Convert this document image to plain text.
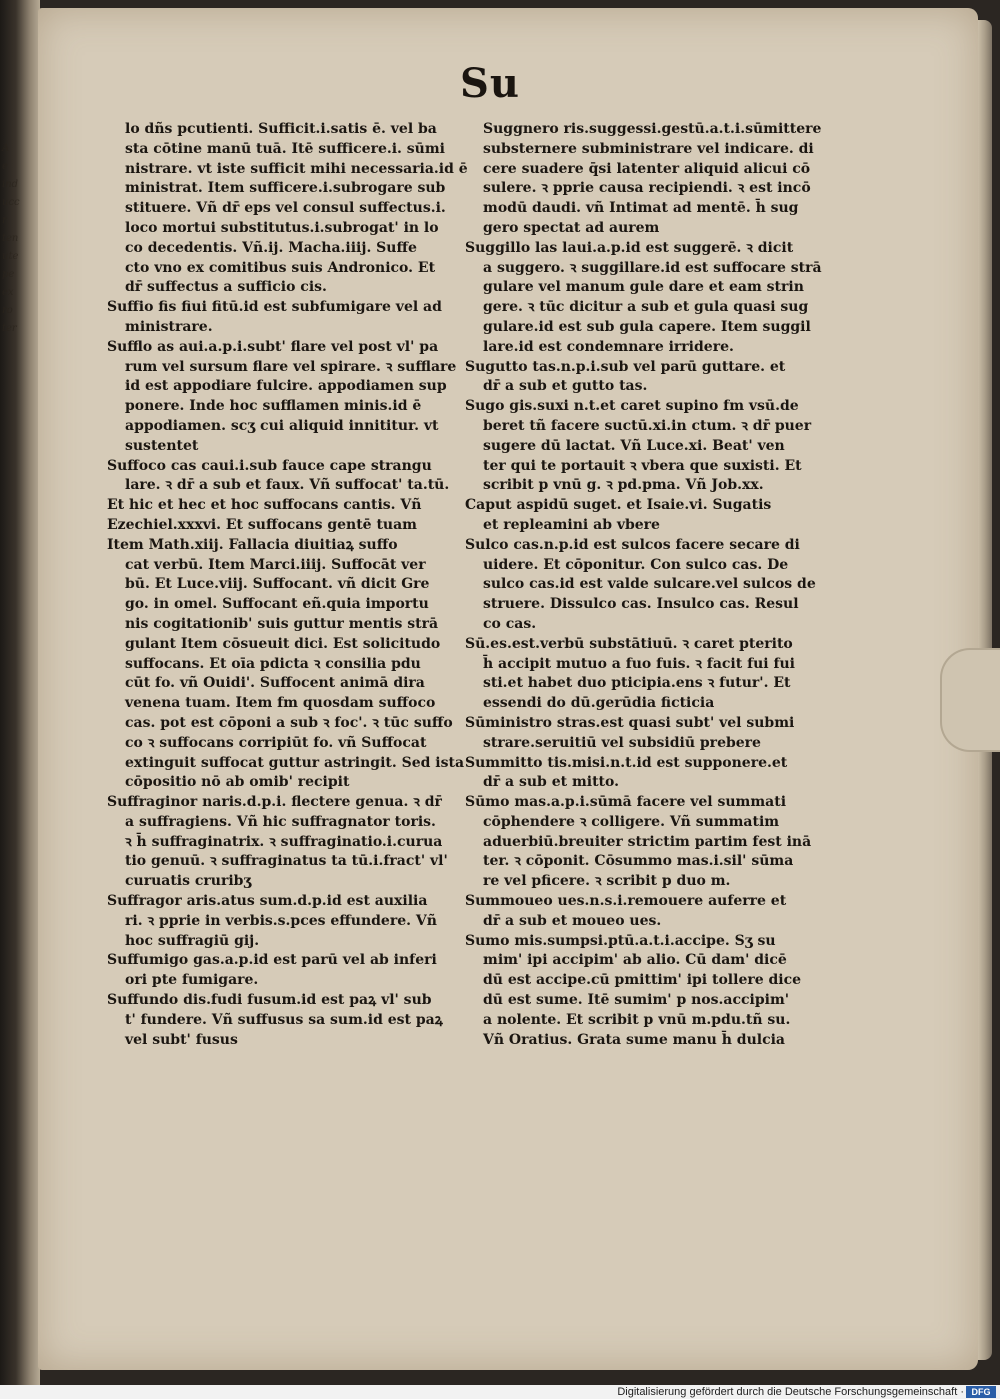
A
e
ind
ucc
r
ten
ute
pe
ex
ro
ter
Su

lo dñs pcutienti. Sufficit.i.satis ē. vel ba

sta cōtine manū tuā. Itē sufficere.i. sūmi

nistrare. vt iste sufficit mihi necessaria.id ē

ministrat. Item sufficere.i.subrogare sub

stituere. Vñ dr̄ eps vel consul suffectus.i.

loco mortui substitutus.i.subrogat' in lo

co decedentis. Vñ.ij. Macha.iiij. Suffe

cto vno ex comitibus suis Andronico. Et

dr̄ suffectus a sufficio cis.

Suffio fis fiui fitū.id est subfumigare vel ad

ministrare.

Sufflo as aui.a.p.i.subt' flare vel post vl' pa

rum vel sursum flare vel spirare. ꝛ sufflare

id est appodiare fulcire. appodiamen sup

ponere. Inde hoc sufflamen minis.id ē

appodiamen. scʒ cui aliquid innititur. vt

sustentet

Suffoco cas caui.i.sub fauce cape strangu

lare. ꝛ dr̄ a sub et faux. Vñ suffocat' ta.tū.

Et hic et hec et hoc suffocans cantis. Vñ

Ezechiel.xxxvi. Et suffocans gentē tuam

Item Math.xiij. Fallacia diuitiaꝝ suffo

cat verbū. Item Marci.iiij. Suffocāt ver

bū. Et Luce.viij. Suffocant. vñ dicit Gre

go. in omel. Suffocant eñ.quia importu

nis cogitationib' suis guttur mentis strā

gulant Item cōsueuit dici. Est solicitudo

suffocans. Et oīa pdicta ꝛ consilia pdu

cūt fo. vñ Ouidi'. Suffocent animā dira

venena tuam. Item fm quosdam suffoco

cas. pot est cōponi a sub ꝛ foc'. ꝛ tūc suffo

co ꝛ suffocans corripiūt fo. vñ Suffocat

extinguit suffocat guttur astringit. Sed ista

cōpositio nō ab omib' recipit

Suffraginor naris.d.p.i. flectere genua. ꝛ dr̄

a suffragiens. Vñ hic suffragnator toris.

ꝛ h̄ suffraginatrix. ꝛ suffraginatio.i.curua

tio genuū. ꝛ suffraginatus ta tū.i.fract' vl'

curuatis cruribʒ

Suffragor aris.atus sum.d.p.id est auxilia

ri. ꝛ pprie in verbis.s.pces effundere. Vñ

hoc suffragiū gij.

Suffumigo gas.a.p.id est parū vel ab inferi

ori pte fumigare.

Suffundo dis.fudi fusum.id est paꝝ vl' sub

t' fundere. Vñ suffusus sa sum.id est paꝝ

vel subt' fusus

Suggnero ris.suggessi.gestū.a.t.i.sūmittere

substernere subministrare vel indicare. di

cere suadere q̄si latenter aliquid alicui cō

sulere. ꝛ pprie causa recipiendi. ꝛ est incō

modū daudi. vñ Intimat ad mentē. h̄ sug

gero spectat ad aurem

Suggillo las laui.a.p.id est suggerē. ꝛ dicit

a suggero. ꝛ suggillare.id est suffocare strā

gulare vel manum gule dare et eam strin

gere. ꝛ tūc dicitur a sub et gula quasi sug

gulare.id est sub gula capere. Item suggil

lare.id est condemnare irridere.

Sugutto tas.n.p.i.sub vel parū guttare. et

dr̄ a sub et gutto tas.

Sugo gis.suxi n.t.et caret supino fm vsū.de

beret tñ facere suctū.xi.in ctum. ꝛ dr̄ puer

sugere dū lactat. Vñ Luce.xi. Beat' ven

ter qui te portauit ꝛ vbera que suxisti. Et

scribit p vnū g. ꝛ pd.pma. Vñ Job.xx.

Caput aspidū suget. et Isaie.vi. Sugatis

et repleamini ab vbere

Sulco cas.n.p.id est sulcos facere secare di

uidere. Et cōponitur. Con sulco cas. De

sulco cas.id est valde sulcare.vel sulcos de

struere. Dissulco cas. Insulco cas. Resul

co cas.

Sū.es.est.verbū substātiuū. ꝛ caret pterito

h̄ accipit mutuo a fuo fuis. ꝛ facit fui fui

sti.et habet duo pticipia.ens ꝛ futur'. Et

essendi do dū.gerūdia ficticia

Sūministro stras.est quasi subt' vel submi

strare.seruitiū vel subsidiū prebere

Summitto tis.misi.n.t.id est supponere.et

dr̄ a sub et mitto.

Sūmo mas.a.p.i.sūmā facere vel summati

cōphendere ꝛ colligere. Vñ summatim

aduerbiū.breuiter strictim partim fest inā

ter. ꝛ cōponit. Cōsummo mas.i.sil' sūma

re vel pficere. ꝛ scribit p duo m.

Summoueo ues.n.s.i.remouere auferre et

dr̄ a sub et moueo ues.

Sumo mis.sumpsi.ptū.a.t.i.accipe. Sʒ su

mim' ipi accipim' ab alio. Cū dam' dicē

dū est accipe.cū pmittim' ipi tollere dice

dū est sume. Itē sumim' p nos.accipim'

a nolente. Et scribit p vnū m.pdu.tñ su.

Vñ Oratius. Grata sume manu h̄ dulcia

Digitalisierung gefördert durch die Deutsche Forschungsgemeinschaft · DFG
